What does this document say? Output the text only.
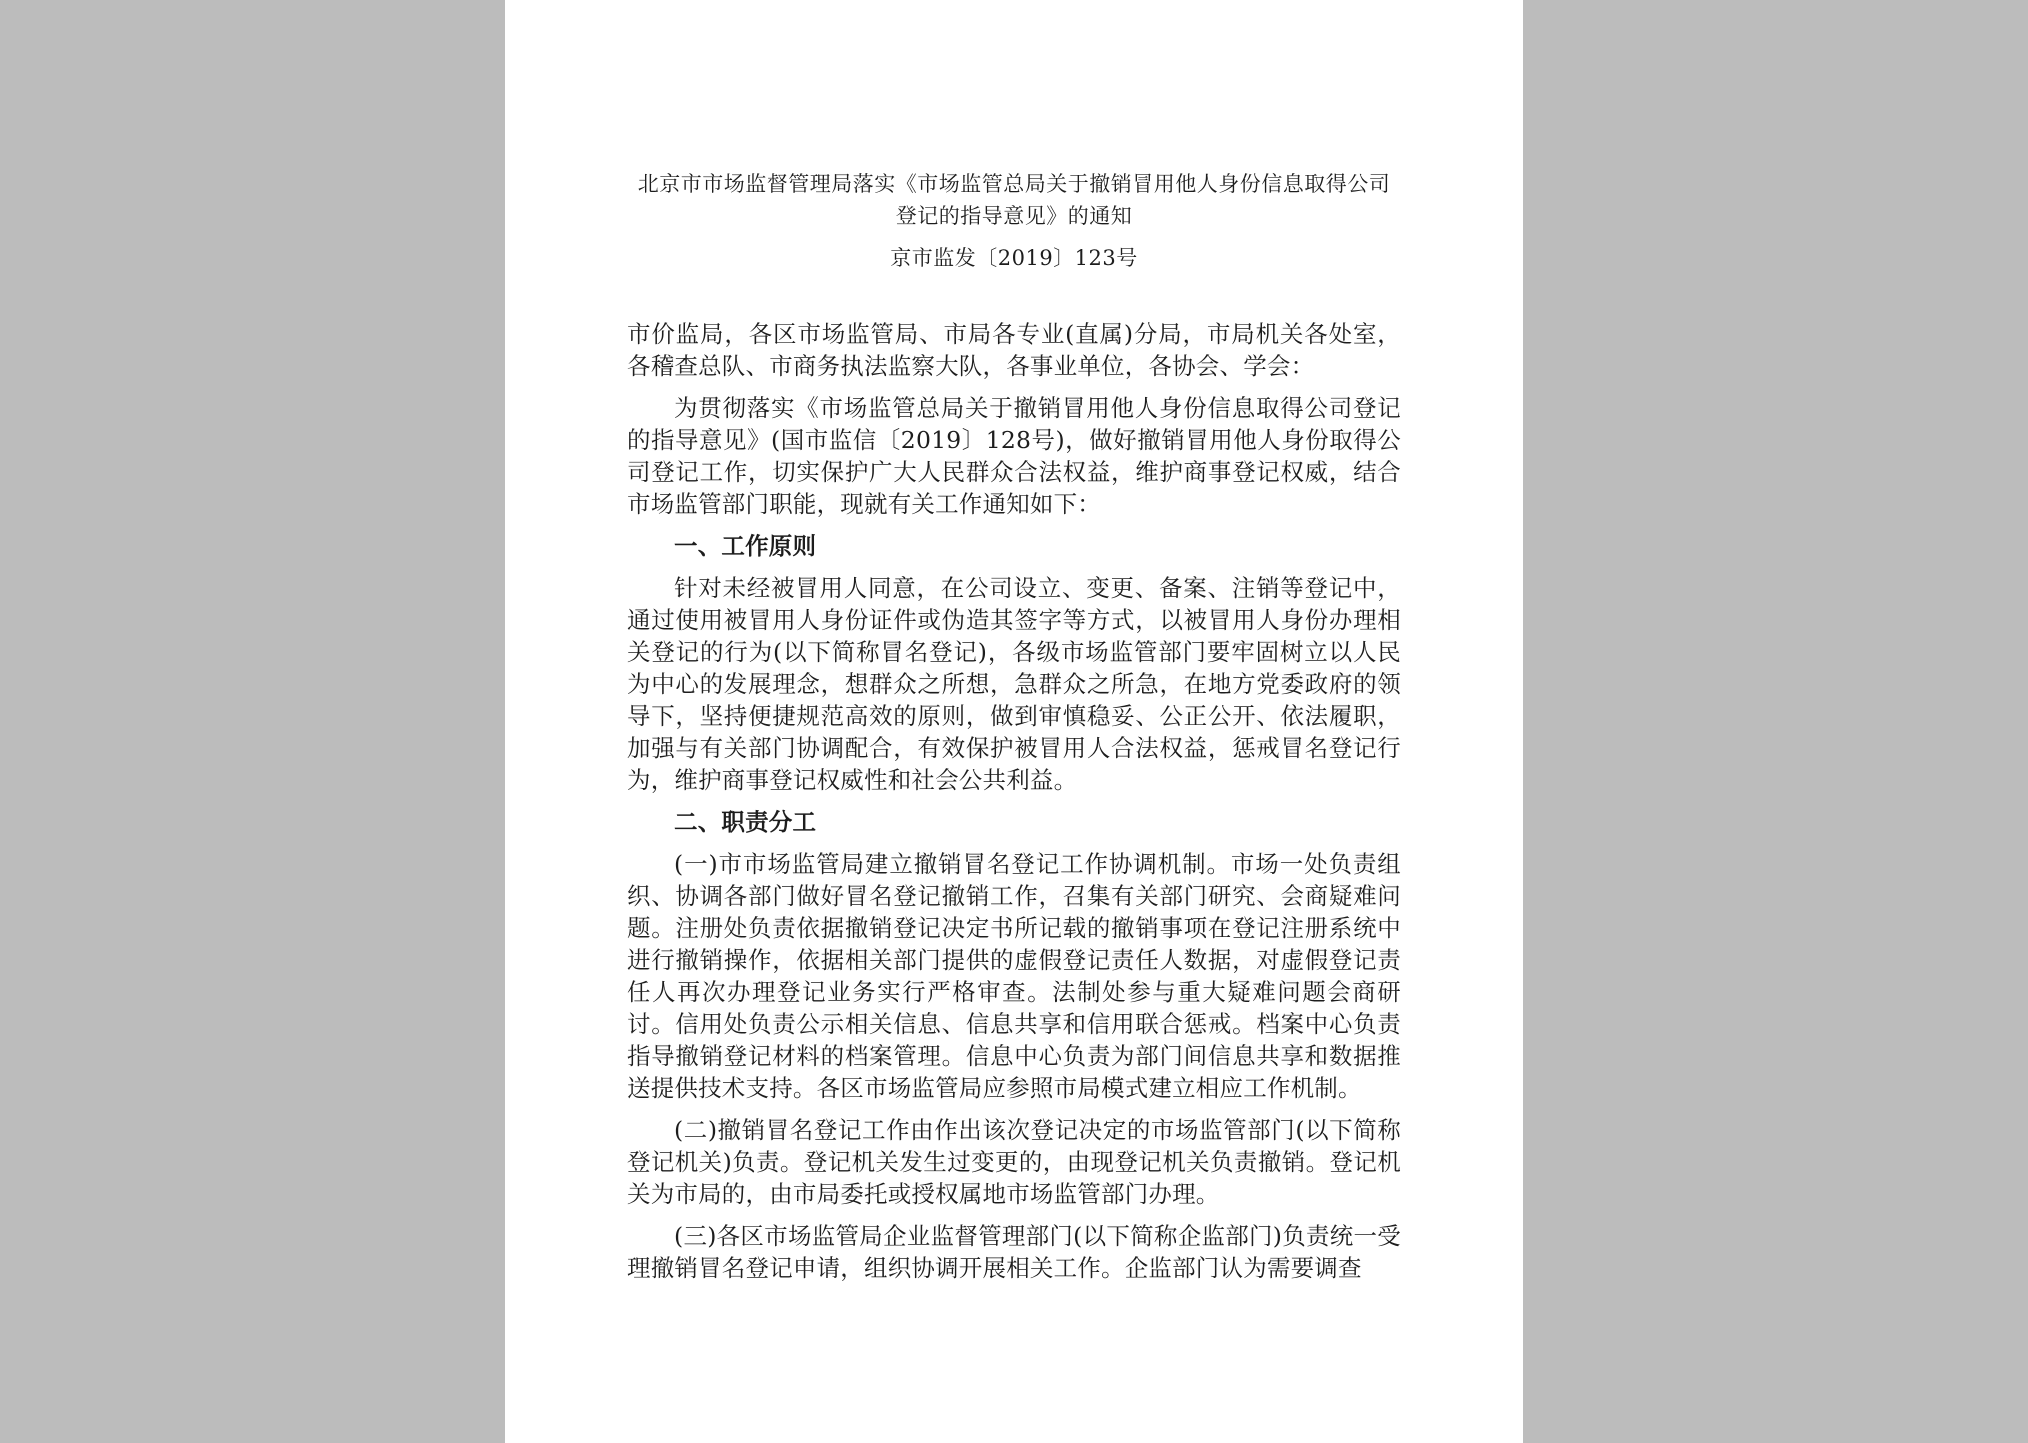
北京市市场监督管理局落实《市场监管总局关于撤销冒用他人身份信息取得公司登记的指导意见》的通知
京市监发〔2019〕123号

市价监局，各区市场监管局、市局各专业(直属)分局，市局机关各处室，各稽查总队、市商务执法监察大队，各事业单位，各协会、学会：

为贯彻落实《市场监管总局关于撤销冒用他人身份信息取得公司登记的指导意见》(国市监信〔2019〕128号)，做好撤销冒用他人身份取得公司登记工作，切实保护广大人民群众合法权益，维护商事登记权威，结合市场监管部门职能，现就有关工作通知如下：

一、工作原则

针对未经被冒用人同意，在公司设立、变更、备案、注销等登记中，通过使用被冒用人身份证件或伪造其签字等方式，以被冒用人身份办理相关登记的行为(以下简称冒名登记)，各级市场监管部门要牢固树立以人民为中心的发展理念，想群众之所想，急群众之所急，在地方党委政府的领导下，坚持便捷规范高效的原则，做到审慎稳妥、公正公开、依法履职，加强与有关部门协调配合，有效保护被冒用人合法权益，惩戒冒名登记行为，维护商事登记权威性和社会公共利益。

二、职责分工

(一)市市场监管局建立撤销冒名登记工作协调机制。市场一处负责组织、协调各部门做好冒名登记撤销工作，召集有关部门研究、会商疑难问题。注册处负责依据撤销登记决定书所记载的撤销事项在登记注册系统中进行撤销操作，依据相关部门提供的虚假登记责任人数据，对虚假登记责任人再次办理登记业务实行严格审查。法制处参与重大疑难问题会商研讨。信用处负责公示相关信息、信息共享和信用联合惩戒。档案中心负责指导撤销登记材料的档案管理。信息中心负责为部门间信息共享和数据推送提供技术支持。各区市场监管局应参照市局模式建立相应工作机制。

(二)撤销冒名登记工作由作出该次登记决定的市场监管部门(以下简称登记机关)负责。登记机关发生过变更的，由现登记机关负责撤销。登记机关为市局的，由市局委托或授权属地市场监管部门办理。

(三)各区市场监管局企业监督管理部门(以下简称企监部门)负责统一受理撤销冒名登记申请，组织协调开展相关工作。企监部门认为需要调查
